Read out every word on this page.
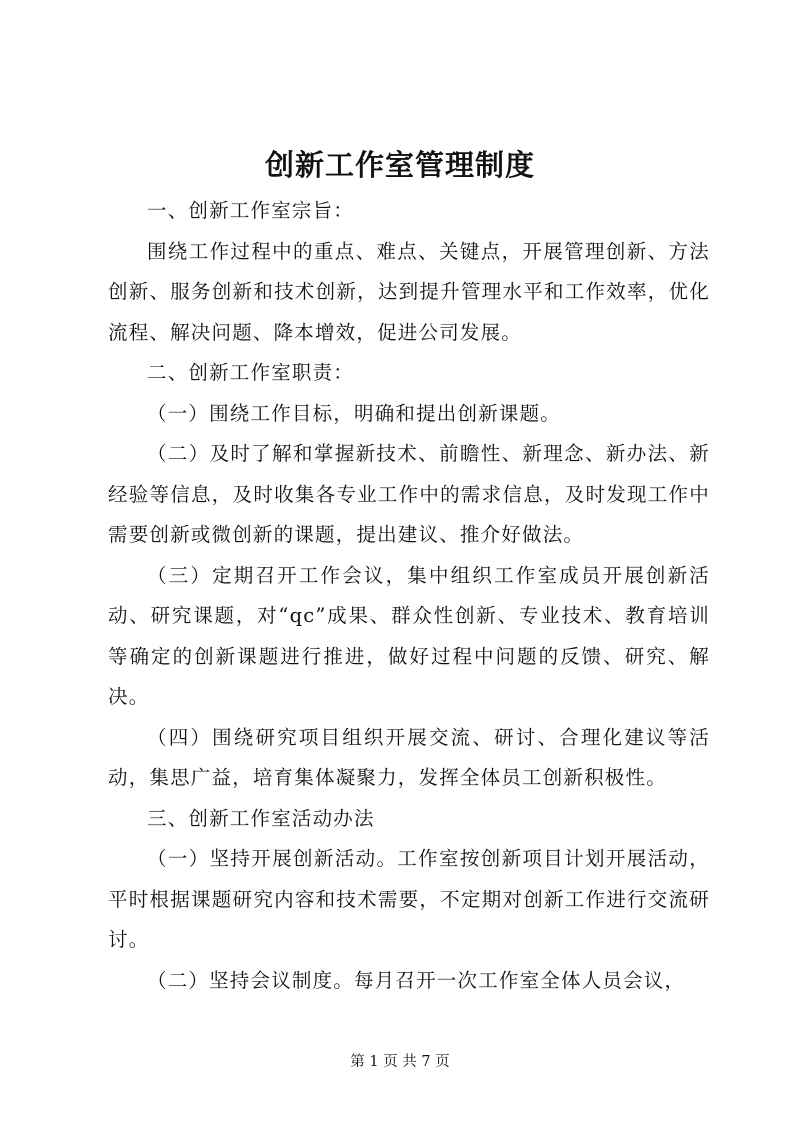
创新工作室管理制度

一、创新工作室宗旨：

围绕工作过程中的重点、难点、关键点，开展管理创新、方法创新、服务创新和技术创新，达到提升管理水平和工作效率，优化流程、解决问题、降本增效，促进公司发展。

二、创新工作室职责：

（一）围绕工作目标，明确和提出创新课题。

（二）及时了解和掌握新技术、前瞻性、新理念、新办法、新经验等信息，及时收集各专业工作中的需求信息，及时发现工作中需要创新或微创新的课题，提出建议、推介好做法。

（三）定期召开工作会议，集中组织工作室成员开展创新活动、研究课题，对“qc”成果、群众性创新、专业技术、教育培训等确定的创新课题进行推进，做好过程中问题的反馈、研究、解决。

（四）围绕研究项目组织开展交流、研讨、合理化建议等活动，集思广益，培育集体凝聚力，发挥全体员工创新积极性。

三、创新工作室活动办法

（一）坚持开展创新活动。工作室按创新项目计划开展活动，平时根据课题研究内容和技术需要，不定期对创新工作进行交流研讨。

（二）坚持会议制度。每月召开一次工作室全体人员会议，

第 1 页 共 7 页
